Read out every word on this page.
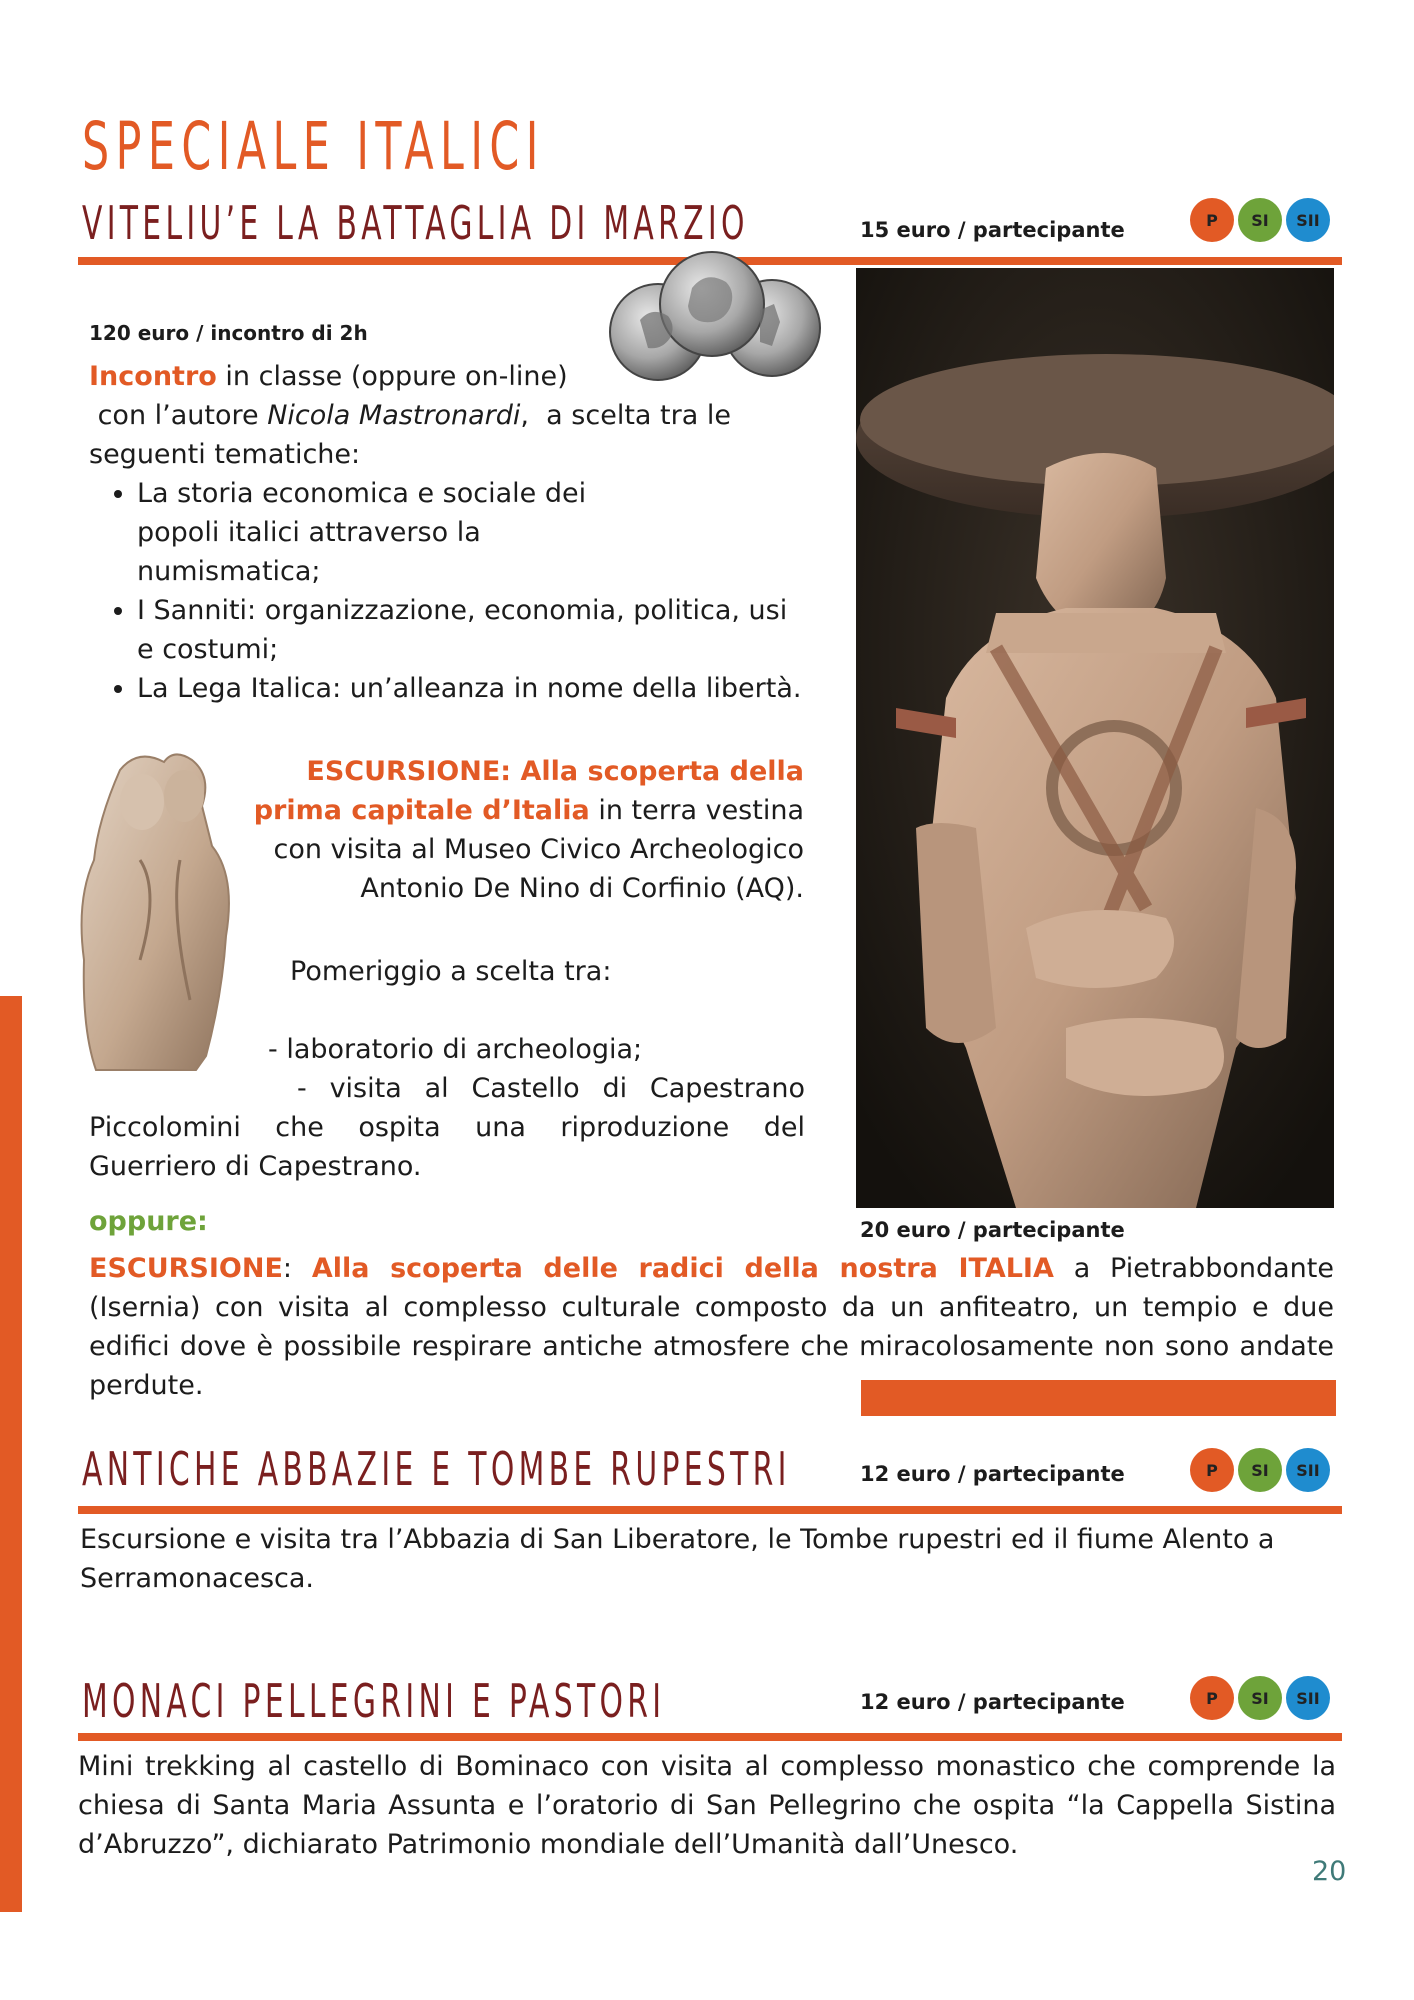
SPECIALE ITALICI
VITELIU’E LA BATTAGLIA DI MARZIO	15 euro / partecipante	P	SI	SII
120 euro / incontro di 2h
Incontro in classe (oppure on-line)
con l’autore Nicola Mastronardi,  a scelta tra le
seguenti tematiche:
• La storia economica e sociale dei popoli italici attraverso la numismatica;
• I Sanniti: organizzazione, economia, politica, usi e costumi;
• La Lega Italica: un’alleanza in nome della libertà.
ESCURSIONE: Alla scoperta della prima capitale d’Italia in terra vestina con visita al Museo Civico Archeologico Antonio De Nino di Corfinio (AQ).
Pomeriggio a scelta tra:
- laboratorio di archeologia;
- visita al Castello di Capestrano Piccolomini che ospita una riproduzione del Guerriero di Capestrano.
20 euro / partecipante
oppure:
ESCURSIONE: Alla scoperta delle radici della nostra ITALIA a Pietrabbondante (Isernia) con visita al complesso culturale composto da un anfiteatro, un tempio e due edifici dove è possibile respirare antiche atmosfere che miracolosamente non sono andate perdute.
ANTICHE ABBAZIE E TOMBE RUPESTRI	12 euro / partecipante	P	SI	SII
Escursione e visita tra l’Abbazia di San Liberatore, le Tombe rupestri ed il fiume Alento a Serramonacesca.
MONACI PELLEGRINI E PASTORI	12 euro / partecipante	P	SI	SII
Mini trekking al castello di Bominaco con visita al complesso monastico che comprende la chiesa di Santa Maria Assunta e l’oratorio di San Pellegrino che ospita “la Cappella Sistina d’Abruzzo”, dichiarato Patrimonio mondiale dell’Umanità dall’Unesco.
20
